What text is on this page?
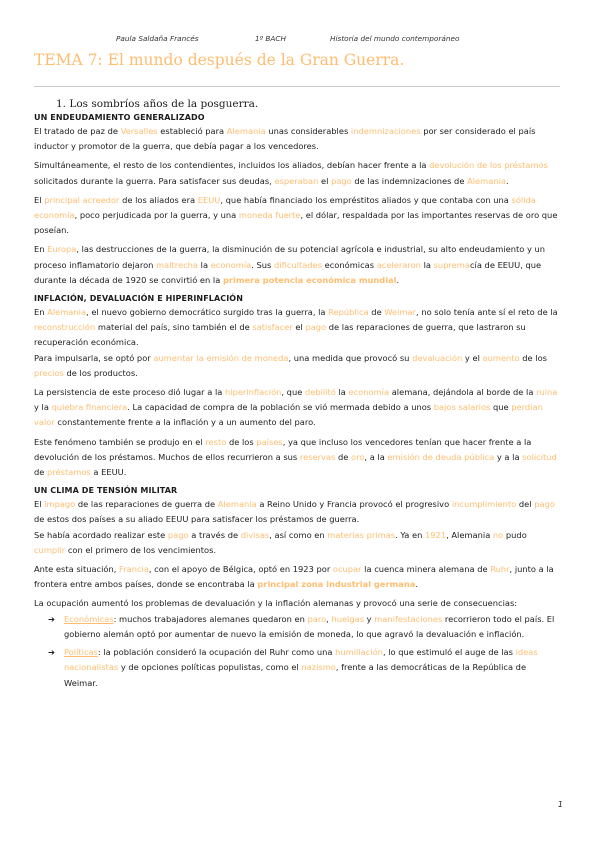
Paula Saldaña Francés	1º BACH	Historia del mundo contemporáneo
TEMA 7: El mundo después de la Gran Guerra.
1. Los sombríos años de la posguerra.
UN ENDEUDAMIENTO GENERALIZADO

El tratado de paz de Versalles estableció para Alemania unas considerables indemnizaciones por ser considerado el país inductor y promotor de la guerra, que debía pagar a los vencedores.

Simultáneamente, el resto de los contendientes, incluidos los aliados, debían hacer frente a la devolución de los préstamos solicitados durante la guerra. Para satisfacer sus deudas, esperaban el pago de las indemnizaciones de Alemania.

El principal acreedor de los aliados era EEUU, que había financiado los empréstitos aliados y que contaba con una sólida economía, poco perjudicada por la guerra, y una moneda fuerte, el dólar, respaldada por las importantes reservas de oro que poseían.

En Europa, las destrucciones de la guerra, la disminución de su potencial agrícola e industrial, su alto endeudamiento y un proceso inflamatorio dejaron maltrecha la economía. Sus dificultades económicas aceleraron la supremacía de EEUU, que durante la década de 1920 se convirtió en la primera potencia económica mundial.

INFLACIÓN, DEVALUACIÓN E HIPERINFLACIÓN

En Alemania, el nuevo gobierno democrático surgido tras la guerra, la República de Weimar, no solo tenía ante sí el reto de la reconstrucción material del país, sino también el de satisfacer el pago de las reparaciones de guerra, que lastraron su recuperación económica.

Para impulsarla, se optó por aumentar la emisión de moneda, una medida que provocó su devaluación y el aumento de los precios de los productos.

La persistencia de este proceso dió lugar a la hiperinflación, que debilitó la economía alemana, dejándola al borde de la ruina y la quiebra financiera. La capacidad de compra de la población se vió mermada debido a unos bajos salarios que perdían valor constantemente frente a la inflación y a un aumento del paro.

Este fenómeno también se produjo en el resto de los países, ya que incluso los vencedores tenían que hacer frente a la devolución de los préstamos. Muchos de ellos recurrieron a sus reservas de oro, a la emisión de deuda pública y a la solicitud de préstamos a EEUU.

UN CLIMA DE TENSIÓN MILITAR

El impago de las reparaciones de guerra de Alemania a Reino Unido y Francia provocó el progresivo incumplimiento del pago de estos dos países a su aliado EEUU para satisfacer los préstamos de guerra.

Se había acordado realizar este pago a través de divisas, así como en materias primas. Ya en 1921, Alemania no pudo cumplir con el primero de los vencimientos.

Ante esta situación, Francia, con el apoyo de Bélgica, optó en 1923 por ocupar la cuenca minera alemana de Ruhr, junto a la frontera entre ambos países, donde se encontraba la principal zona industrial germana.

La ocupación aumentó los problemas de devaluación y la inflación alemanas y provocó una serie de consecuencias:

➔ Económicas: muchos trabajadores alemanes quedaron en paro, huelgas y manifestaciones recorrieron todo el país. El gobierno alemán optó por aumentar de nuevo la emisión de moneda, lo que agravó la devaluación e inflación.
➔ Políticas: la población consideró la ocupación del Ruhr como una humillación, lo que estimuló el auge de las ideas nacionalistas y de opciones políticas populistas, como el nazismo, frente a las democráticas de la República de Weimar.
1
